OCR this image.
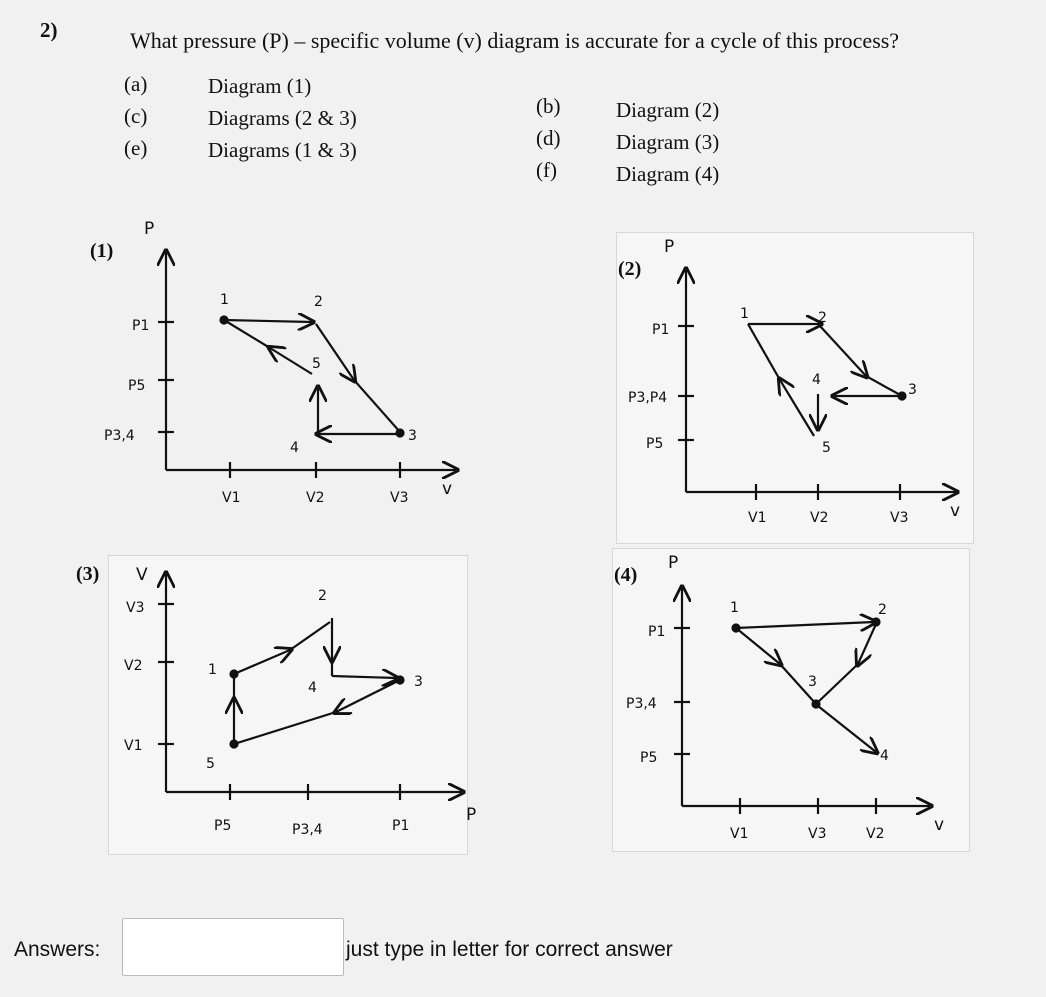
2)	What pressure (P) – specific volume (v) diagram is accurate for a cycle of this process?
(a)	Diagram (1)
(c)	Diagrams (2 & 3)
(e)	Diagrams (1 & 3)
(b)	Diagram (2)
(d)	Diagram (3)
(f)	Diagram (4)
(1)
(2)
(3)	(4)
P
v
P1
P5
P3,4
V1	V2	V3
1	2
5
4
3
P
v
P1
P3,P4
P5
V1	V2	V3
1	2
4
3
5
V
P
V3
V2
V1
P5	P3,4	P1
2
1
4	3
5
P
v
P1
P3,4
P5
V1	V3	V2
1	2
3
4
Answers:	just type in letter for correct answer
